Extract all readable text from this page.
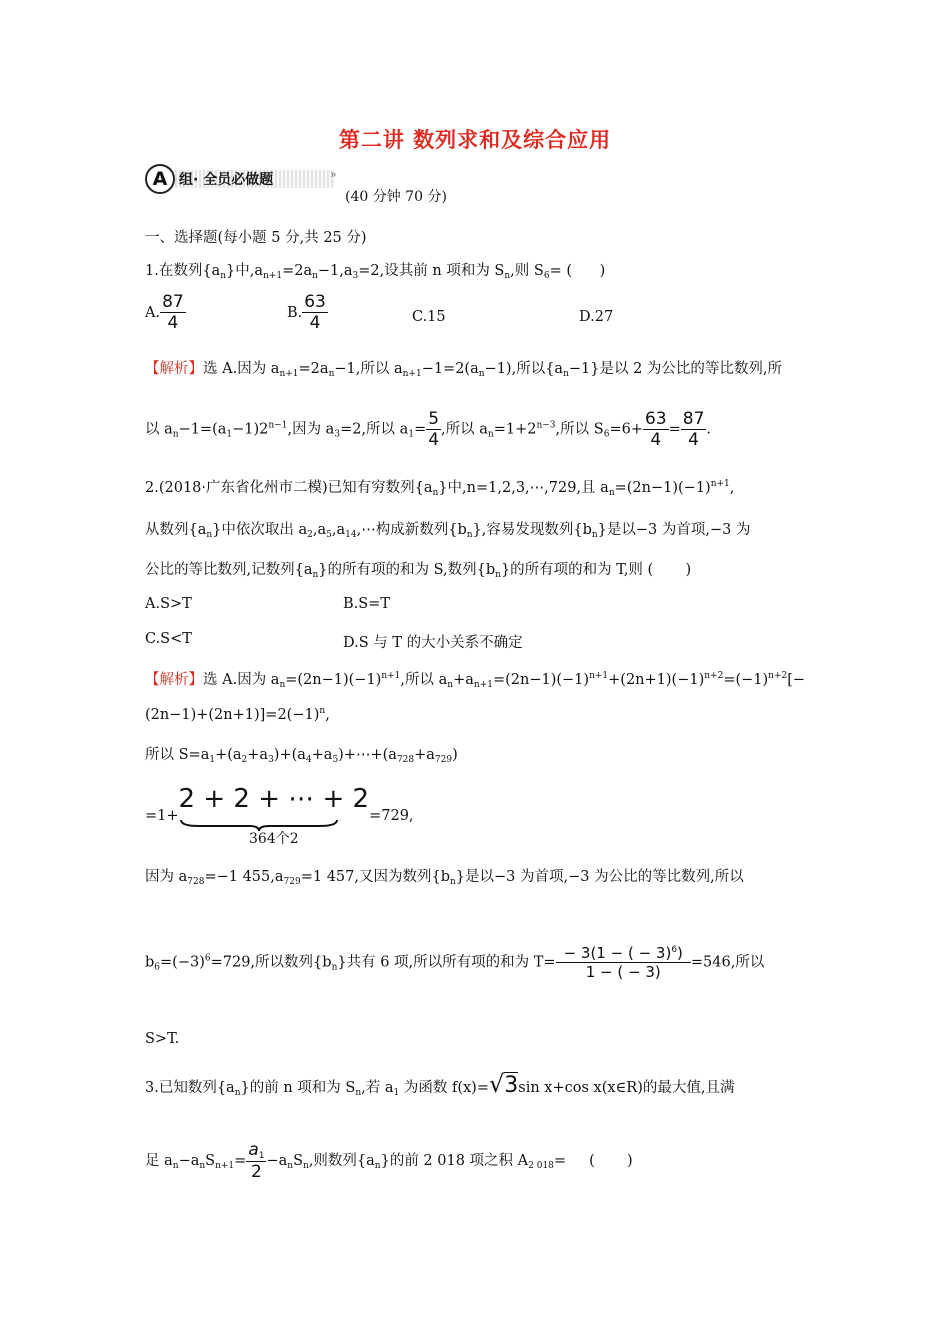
第二讲 数列求和及综合应用
A 组· 全员必做题	»
(40 分钟 70 分)
一、选择题(每小题 5 分,共 25 分)
1.在数列$\{a_n\}$中$,a_{n+1}=2a_n-1,a_3=2$,设其前 n 项和为 $S_n$,则 $S_6=$ (      )
A. $\frac{87}{4}$	B. $\frac{63}{4}$	C.15	D.27
【解析】选 A.因为 $a_{n+1}=2a_n-1$,所以 $a_{n+1}-1=2(a_n-1)$,所以$\{a_n-1\}$是以 2 为公比的等比数列,所
以 $a_n-1=(a_1-1)2^{n-1}$,因为 $a_3=2$,所以 $a_1= \frac{5}{4}$ ,所以 $a_n=1+2^{n-3}$,所以 $S_6=6+ \frac{63}{4} = \frac{87}{4}$ .
2.(2018·广东省化州市二模)已知有穷数列$\{a_n\}$中,n=1,2,3,⋯,729,且 $a_n=(2n-1)(-1)^{n+1}$,
从数列$\{a_n\}$中依次取出 $a_2,a_5,a_{14},\cdots$构成新数列$\{b_n\}$,容易发现数列$\{b_n\}$是以−3 为首项,−3 为
公比的等比数列,记数列$\{a_n\}$的所有项的和为 S,数列$\{b_n\}$的所有项的和为 T,则 (       )
A.S>T	B.S=T
C.S<T	D.S 与 T 的大小关系不确定
【解析】选 A.因为 $a_n=(2n-1)(-1)^{n+1}$,所以 $a_n+a_{n+1}=(2n-1)(-1)^{n+1}+(2n+1)(-1)^{n+2}=(-1)^{n+2}[-$
$(2n-1)+(2n+1)]=2(-1)^n$,
所以 $S=a_1+(a_2+a_3)+(a_4+a_5)+\cdots+(a_{728}+a_{729})$
=1+2 + 2 + ⋯ + 2
364个2
=729,
因为 $a_{728}=-1$ $455,a_{729}=1$ 457,又因为数列$\{b_n\}$是以−3 为首项,−3 为公比的等比数列,所以
$b_6=(-3)^6=729$,所以数列$\{b_n\}$共有 6 项,所以所有项的和为 $T= \frac{- 3(1 - ( - 3)^6)}{1 - ( - 3)} =546$,所以
S>T.
3.已知数列$\{a_n\}$的前 n 项和为 $S_n$,若 $a_1$ 为函数 f(x)=√3sin x+cos x(x∈R)的最大值,且满
足 $a_n-a_nS_{n+1}= \frac{a_1}{2} -a_nS_n$,则数列$\{a_n\}$的前 2 018 项之积 $A_{2 018}=$     (       )
